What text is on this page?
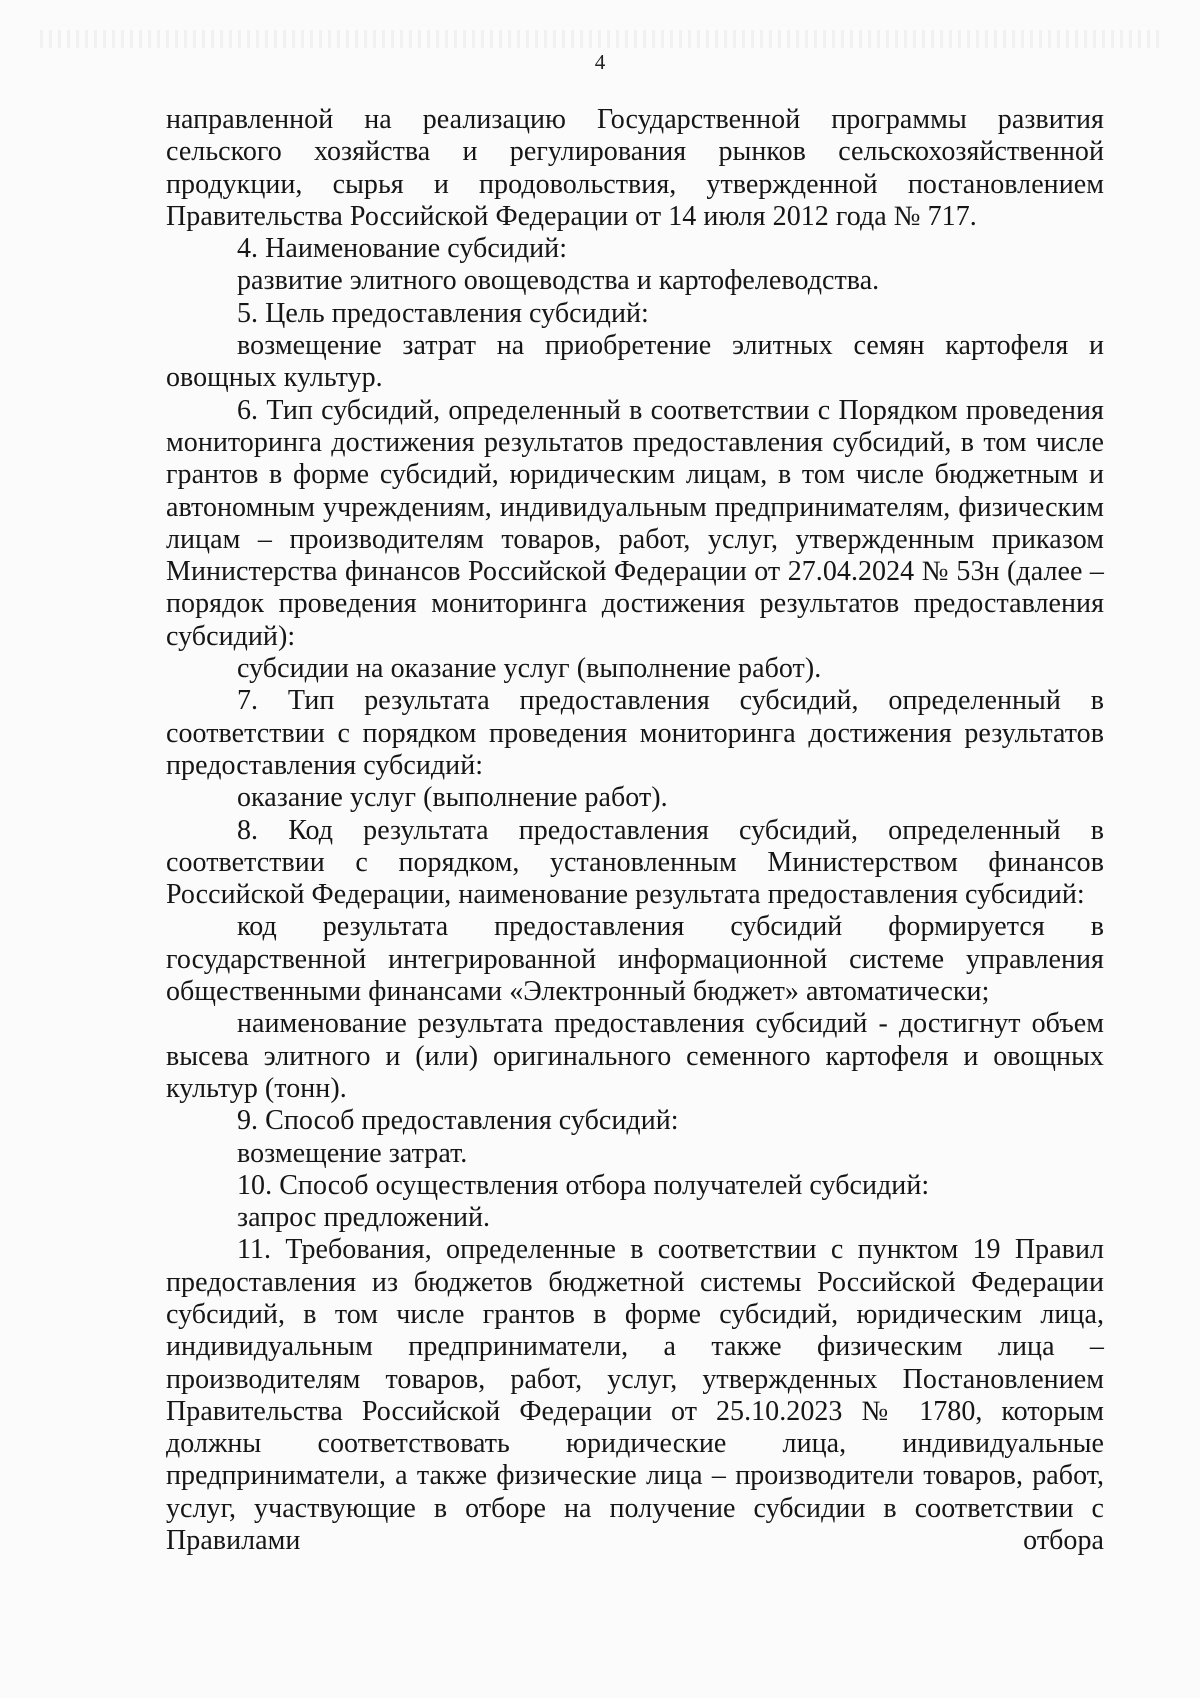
4

направленной на реализацию Государственной программы развития сельского хозяйства и регулирования рынков сельскохозяйственной продукции, сырья и продовольствия, утвержденной постановлением Правительства Российской Федерации от 14 июля 2012 года № 717.

4. Наименование субсидий:

развитие элитного овощеводства и картофелеводства.

5. Цель предоставления субсидий:

возмещение затрат на приобретение элитных семян картофеля и овощных культур.

6. Тип субсидий, определенный в соответствии с Порядком проведения мониторинга достижения результатов предоставления субсидий, в том числе грантов в форме субсидий, юридическим лицам, в том числе бюджетным и автономным учреждениям, индивидуальным предпринимателям, физическим лицам – производителям товаров, работ, услуг, утвержденным приказом Министерства финансов Российской Федерации от 27.04.2024 № 53н (далее – порядок проведения мониторинга достижения результатов предоставления субсидий):

субсидии на оказание услуг (выполнение работ).

7. Тип результата предоставления субсидий, определенный в соответствии с порядком проведения мониторинга достижения результатов предоставления субсидий:

оказание услуг (выполнение работ).

8. Код результата предоставления субсидий, определенный в соответствии с порядком, установленным Министерством финансов Российской Федерации, наименование результата предоставления субсидий:

код результата предоставления субсидий формируется в государственной интегрированной информационной системе управления общественными финансами «Электронный бюджет» автоматически;

наименование результата предоставления субсидий - достигнут объем высева элитного и (или) оригинального семенного картофеля и овощных культур (тонн).

9. Способ предоставления субсидий:

возмещение затрат.

10. Способ осуществления отбора получателей субсидий:

запрос предложений.

11. Требования, определенные в соответствии с пунктом 19 Правил предоставления из бюджетов бюджетной системы Российской Федерации субсидий, в том числе грантов в форме субсидий, юридическим лица, индивидуальным предприниматели, а также физическим лица – производителям товаров, работ, услуг, утвержденных Постановлением Правительства Российской Федерации от 25.10.2023 № 1780, которым должны соответствовать юридические лица, индивидуальные предприниматели, а также физические лица – производители товаров, работ, услуг, участвующие в отборе на получение субсидии в соответствии с Правилами отбора
